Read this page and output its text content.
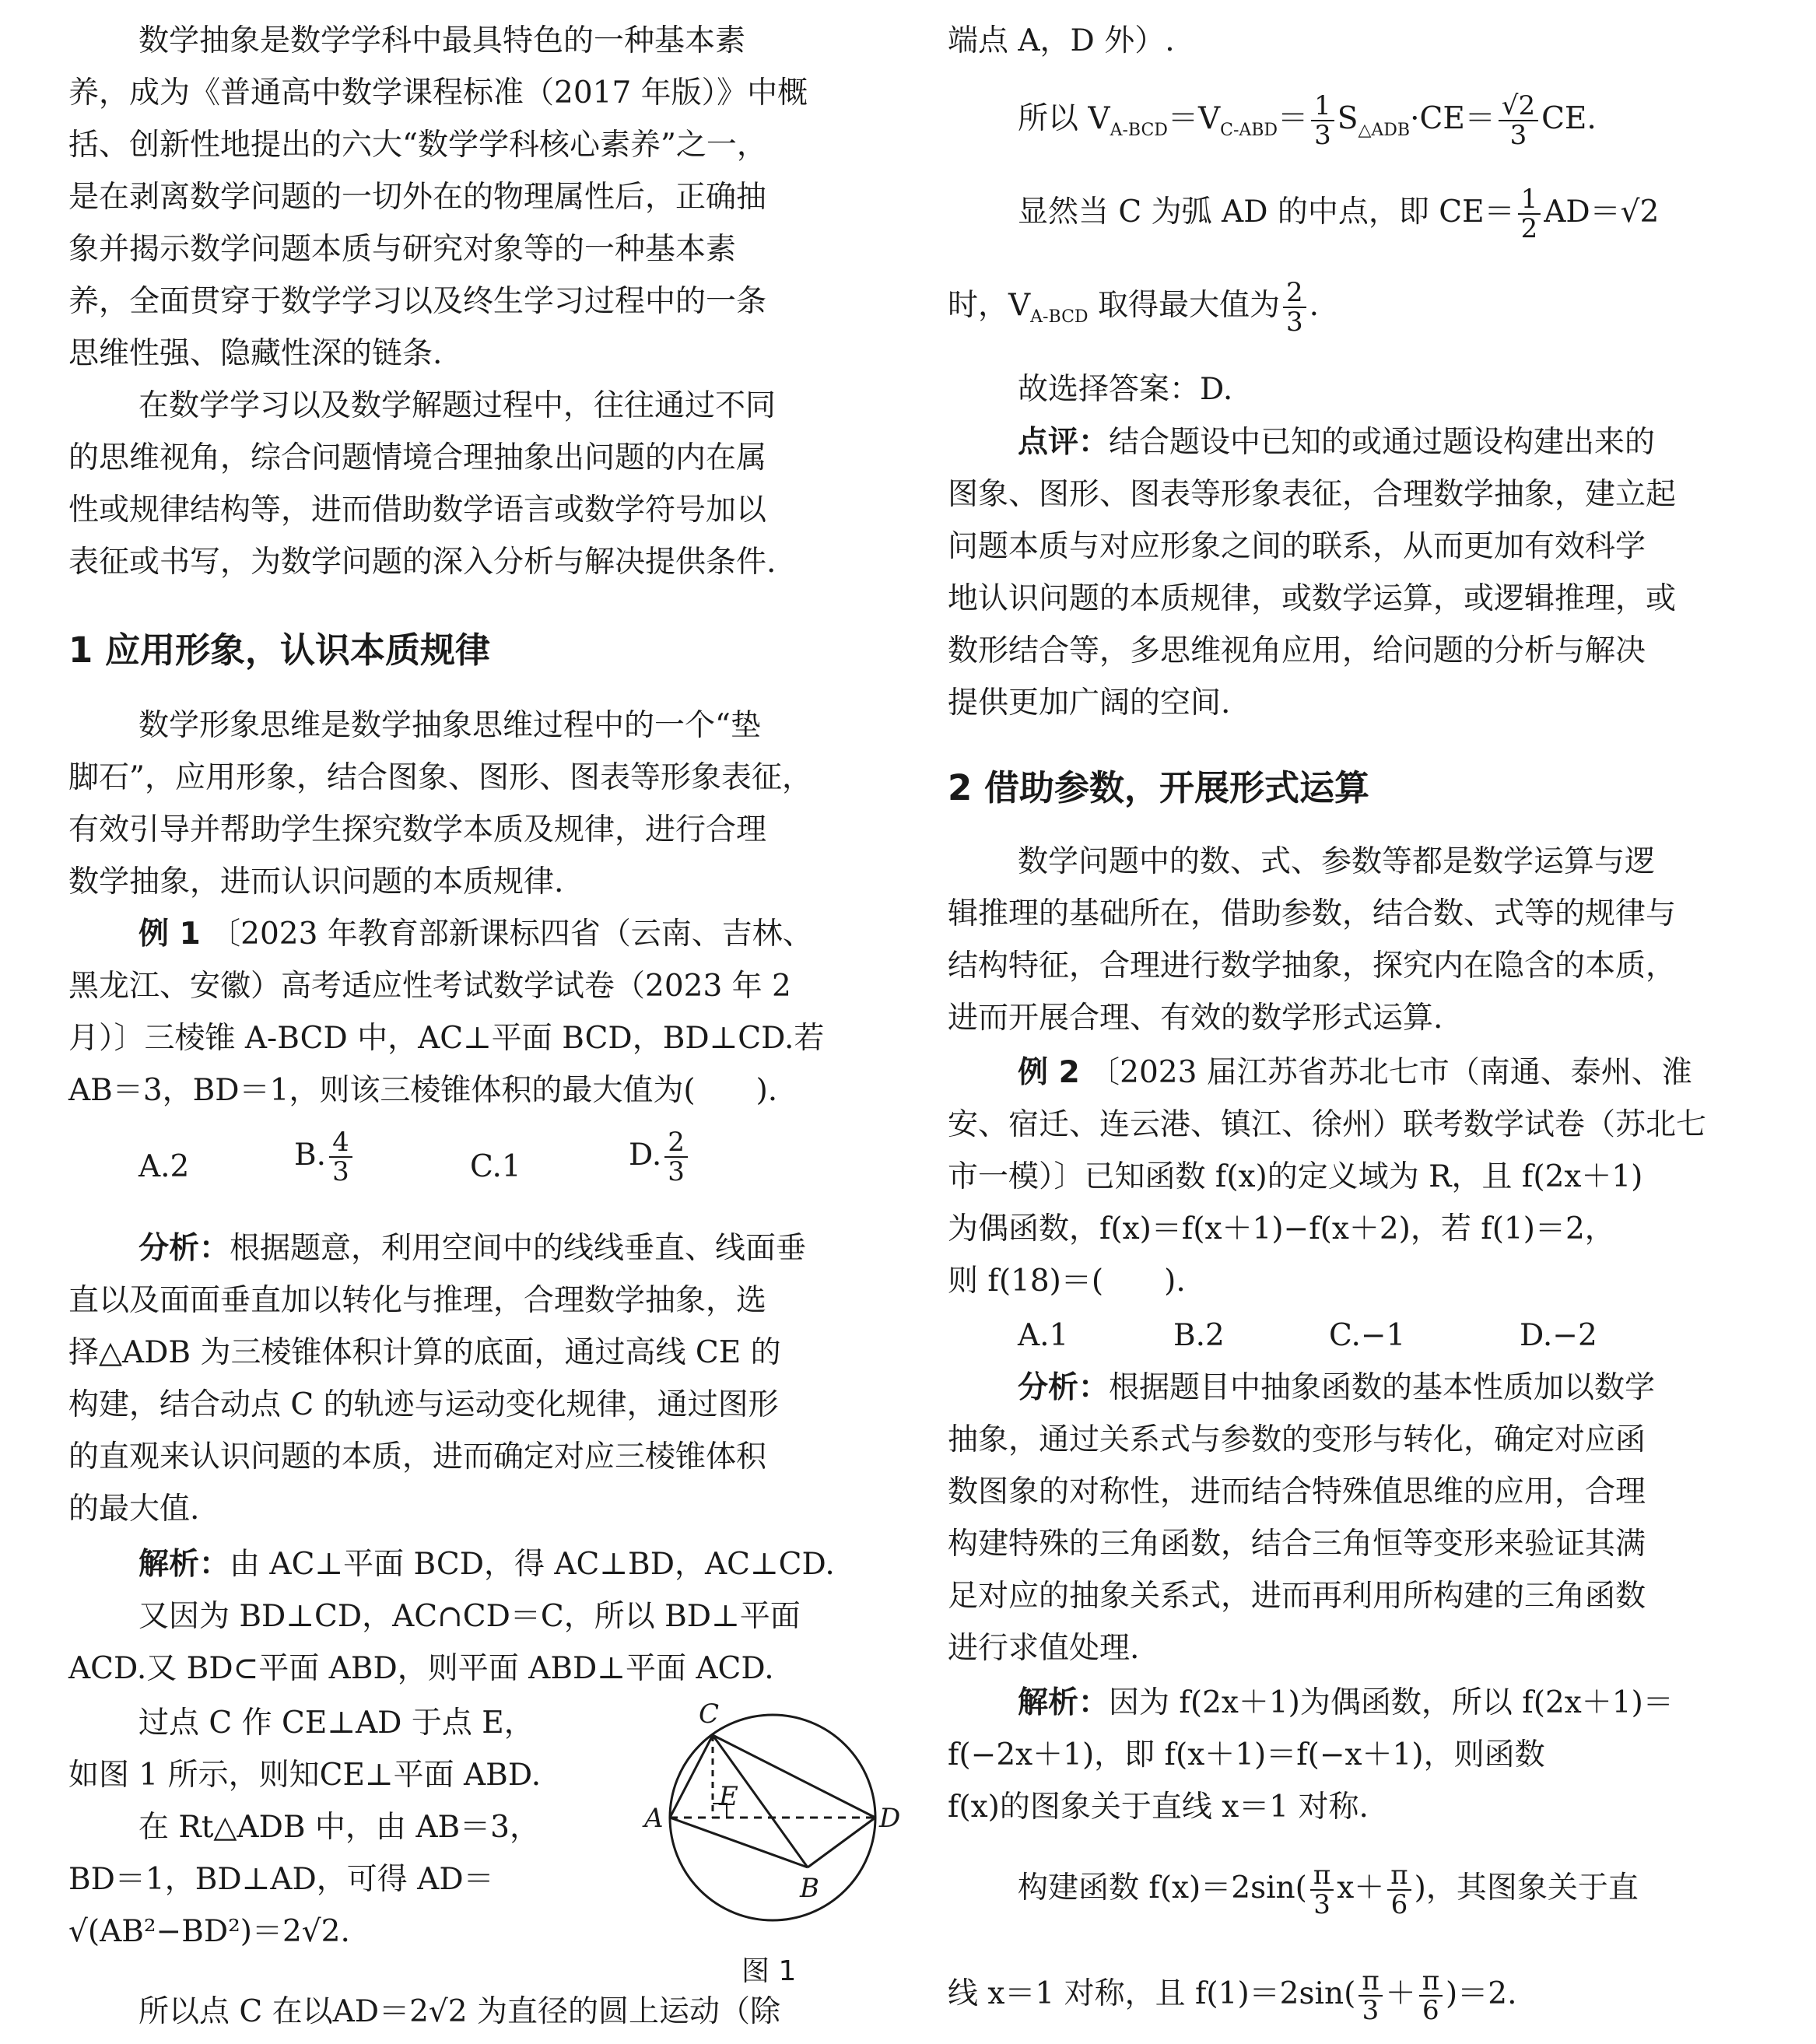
数学抽象是数学学科中最具特色的一种基本素
养，成为《普通高中数学课程标准（2017 年版）》中概
括、创新性地提出的六大“数学学科核心素养”之一，
是在剥离数学问题的一切外在的物理属性后，正确抽
象并揭示数学问题本质与研究对象等的一种基本素
养，全面贯穿于数学学习以及终生学习过程中的一条
思维性强、隐藏性深的链条.
在数学学习以及数学解题过程中，往往通过不同
的思维视角，综合问题情境合理抽象出问题的内在属
性或规律结构等，进而借助数学语言或数学符号加以
表征或书写，为数学问题的深入分析与解决提供条件.
1 应用形象，认识本质规律
数学形象思维是数学抽象思维过程中的一个“垫
脚石”，应用形象，结合图象、图形、图表等形象表征，
有效引导并帮助学生探究数学本质及规律，进行合理
数学抽象，进而认识问题的本质规律.
例 1 〔2023 年教育部新课标四省（云南、吉林、
黑龙江、安徽）高考适应性考试数学试卷（2023 年 2
月）〕三棱锥 A-BCD 中，AC⊥平面 BCD，BD⊥CD.若
AB＝3，BD＝1，则该三棱锥体积的最大值为(　　).
A.2	B. $\frac{4}{3}$	C.1	D. $\frac{2}{3}$
分析：根据题意，利用空间中的线线垂直、线面垂
直以及面面垂直加以转化与推理，合理数学抽象，选
择△ADB 为三棱锥体积计算的底面，通过高线 CE 的
构建，结合动点 C 的轨迹与运动变化规律，通过图形
的直观来认识问题的本质，进而确定对应三棱锥体积
的最大值.
解析：由 AC⊥平面 BCD，得 AC⊥BD，AC⊥CD.
又因为 BD⊥CD，AC∩CD＝C，所以 BD⊥平面
ACD.又 BD⊂平面 ABD，则平面 ABD⊥平面 ACD.
过点 C 作 CE⊥AD 于点 E，
如图 1 所示，则知CE⊥平面 ABD.
在 Rt△ADB 中，由 AB＝3，
BD＝1，BD⊥AD，可得 AD＝
√(AB²−BD²)＝2√2.
所以点 C 在以AD＝2√2 为直径的圆上运动（除
C
A	D
E
B
图 1
端点 A，D 外）.
所以 $V_{A-BCD}=V_{C-ABD}= \frac{1}{3} S_{\triangle ADB}\cdot CE= \frac{√2}{3}$ CE.
显然当 C 为弧 AD 的中点，即 $CE= \frac{1}{2} AD=√2$
时，$V_{A-BCD}$ 取得最大值为 $\frac{2}{3}$ .
故选择答案：D.
点评：结合题设中已知的或通过题设构建出来的
图象、图形、图表等形象表征，合理数学抽象，建立起
问题本质与对应形象之间的联系，从而更加有效科学
地认识问题的本质规律，或数学运算，或逻辑推理，或
数形结合等，多思维视角应用，给问题的分析与解决
提供更加广阔的空间.
2 借助参数，开展形式运算
数学问题中的数、式、参数等都是数学运算与逻
辑推理的基础所在，借助参数，结合数、式等的规律与
结构特征，合理进行数学抽象，探究内在隐含的本质，
进而开展合理、有效的数学形式运算.
例 2 〔2023 届江苏省苏北七市（南通、泰州、淮
安、宿迁、连云港、镇江、徐州）联考数学试卷（苏北七
市一模）〕已知函数 f(x)的定义域为 R，且 f(2x＋1)
为偶函数，f(x)＝f(x＋1)−f(x＋2)，若 f(1)＝2，
则 f(18)＝(　　).
A.1	B.2	C.−1	D.−2
分析：根据题目中抽象函数的基本性质加以数学
抽象，通过关系式与参数的变形与转化，确定对应函
数图象的对称性，进而结合特殊值思维的应用，合理
构建特殊的三角函数，结合三角恒等变形来验证其满
足对应的抽象关系式，进而再利用所构建的三角函数
进行求值处理.
解析：因为 f(2x＋1)为偶函数，所以 f(2x＋1)＝
f(−2x＋1)，即 f(x＋1)＝f(−x＋1)，则函数
f(x)的图象关于直线 x＝1 对称.
构建函数 $f(x)=2\sin( \frac{\pi}{3} x+ \frac{\pi}{6}$ )，其图象关于直
线 x＝1 对称，且 $f(1)=2\sin( \frac{\pi}{3} + \frac{\pi}{6} )=2$.
